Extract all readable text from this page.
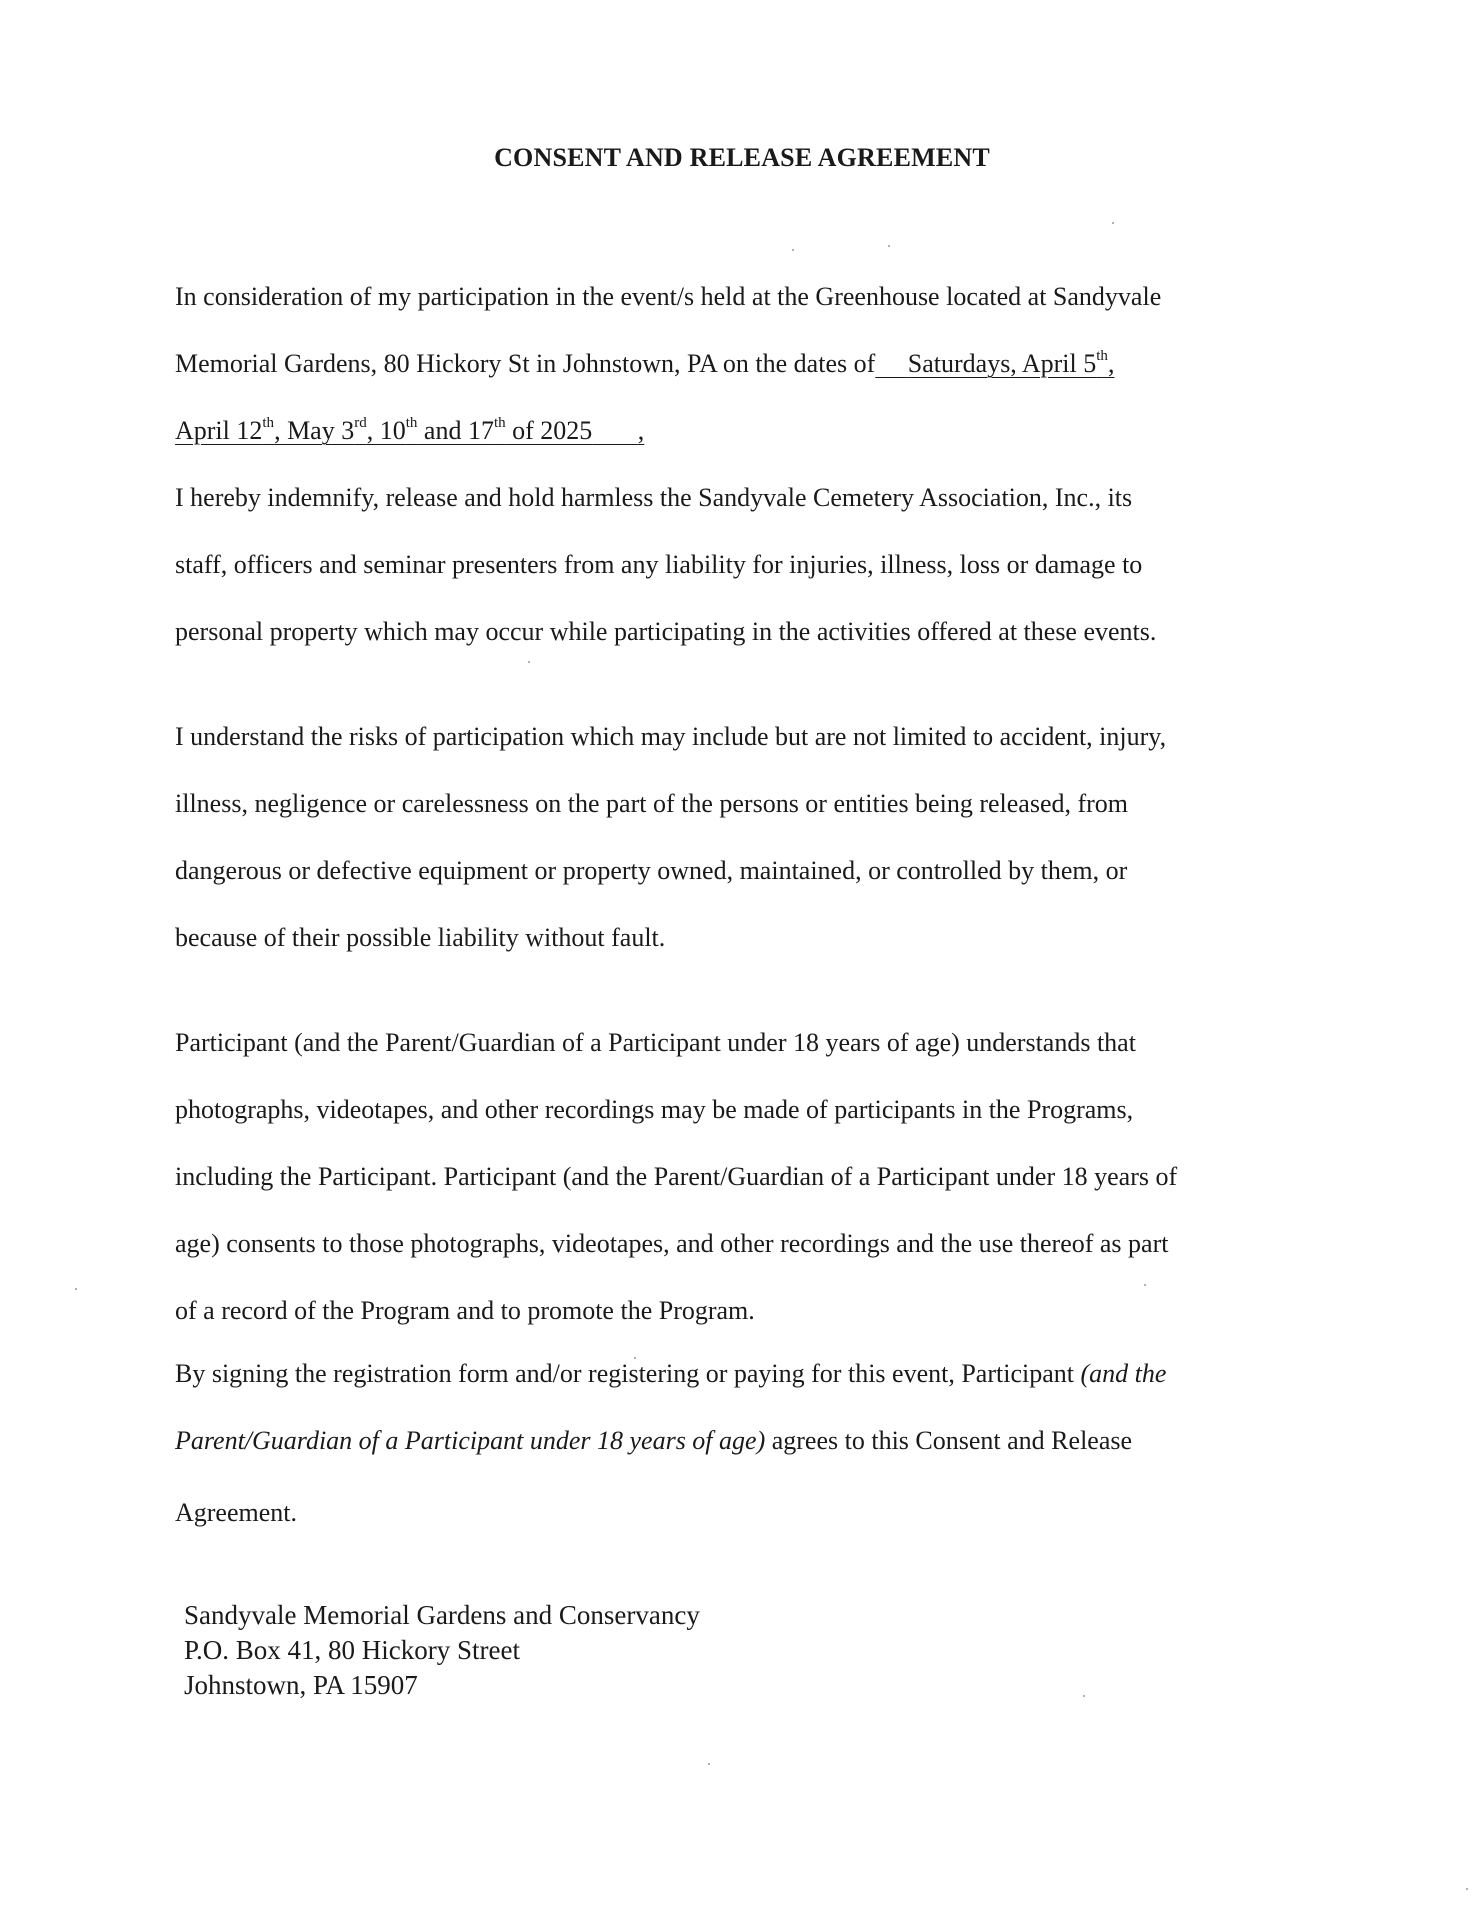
CONSENT AND RELEASE AGREEMENT
In consideration of my participation in the event/s held at the Greenhouse located at Sandyvale
Memorial Gardens, 80 Hickory St in Johnstown, PA on the dates of Saturdays, April 5th,
April 12th, May 3rd, 10th and 17th of 2025 ,
I hereby indemnify, release and hold harmless the Sandyvale Cemetery Association, Inc., its
staff, officers and seminar presenters from any liability for injuries, illness, loss or damage to
personal property which may occur while participating in the activities offered at these events.
I understand the risks of participation which may include but are not limited to accident, injury,
illness, negligence or carelessness on the part of the persons or entities being released, from
dangerous or defective equipment or property owned, maintained, or controlled by them, or
because of their possible liability without fault.
Participant (and the Parent/Guardian of a Participant under 18 years of age) understands that
photographs, videotapes, and other recordings may be made of participants in the Programs,
including the Participant. Participant (and the Parent/Guardian of a Participant under 18 years of
age) consents to those photographs, videotapes, and other recordings and the use thereof as part
of a record of the Program and to promote the Program.
By signing the registration form and/or registering or paying for this event, Participant (and the
Parent/Guardian of a Participant under 18 years of age) agrees to this Consent and Release
Agreement.
Sandyvale Memorial Gardens and Conservancy
P.O. Box 41, 80 Hickory Street
Johnstown, PA 15907
